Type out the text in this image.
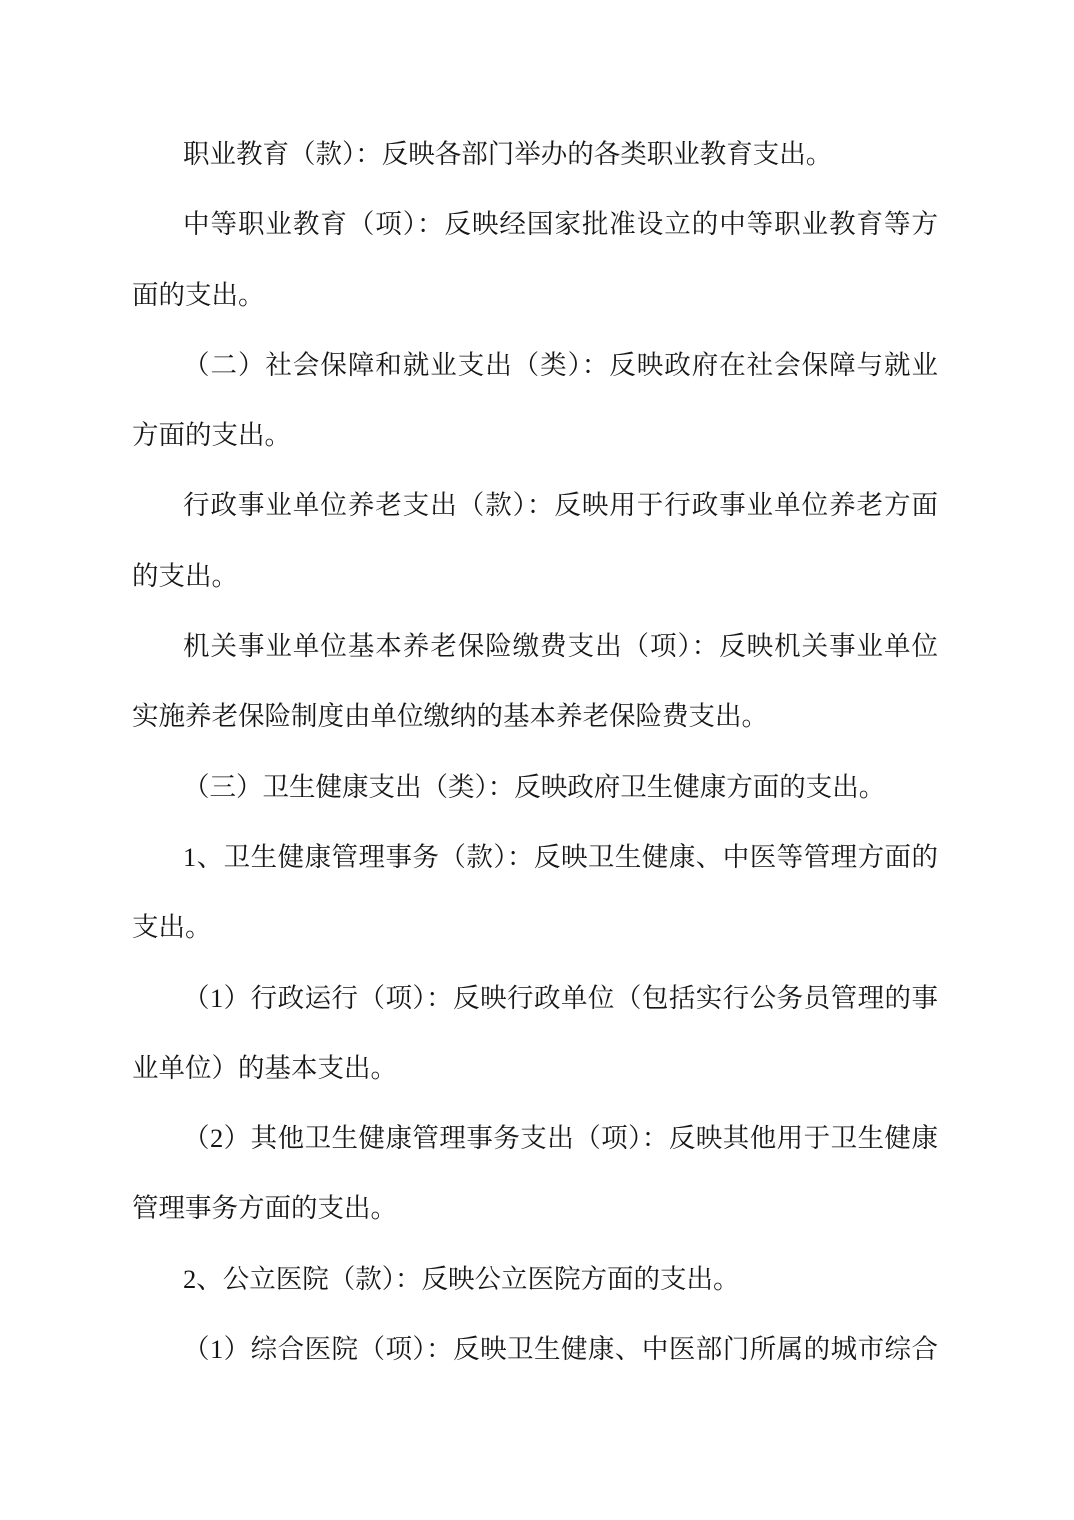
职业教育（款）：反映各部门举办的各类职业教育支出。
中等职业教育（项）：反映经国家批准设立的中等职业教育等方
面的支出。
（二）社会保障和就业支出（类）：反映政府在社会保障与就业
方面的支出。
行政事业单位养老支出（款）：反映用于行政事业单位养老方面
的支出。
机关事业单位基本养老保险缴费支出（项）：反映机关事业单位
实施养老保险制度由单位缴纳的基本养老保险费支出。
（三）卫生健康支出（类）：反映政府卫生健康方面的支出。
1、卫生健康管理事务（款）：反映卫生健康、中医等管理方面的
支出。
（1）行政运行（项）：反映行政单位（包括实行公务员管理的事
业单位）的基本支出。
（2）其他卫生健康管理事务支出（项）：反映其他用于卫生健康
管理事务方面的支出。
2、公立医院（款）：反映公立医院方面的支出。
（1）综合医院（项）：反映卫生健康、中医部门所属的城市综合
